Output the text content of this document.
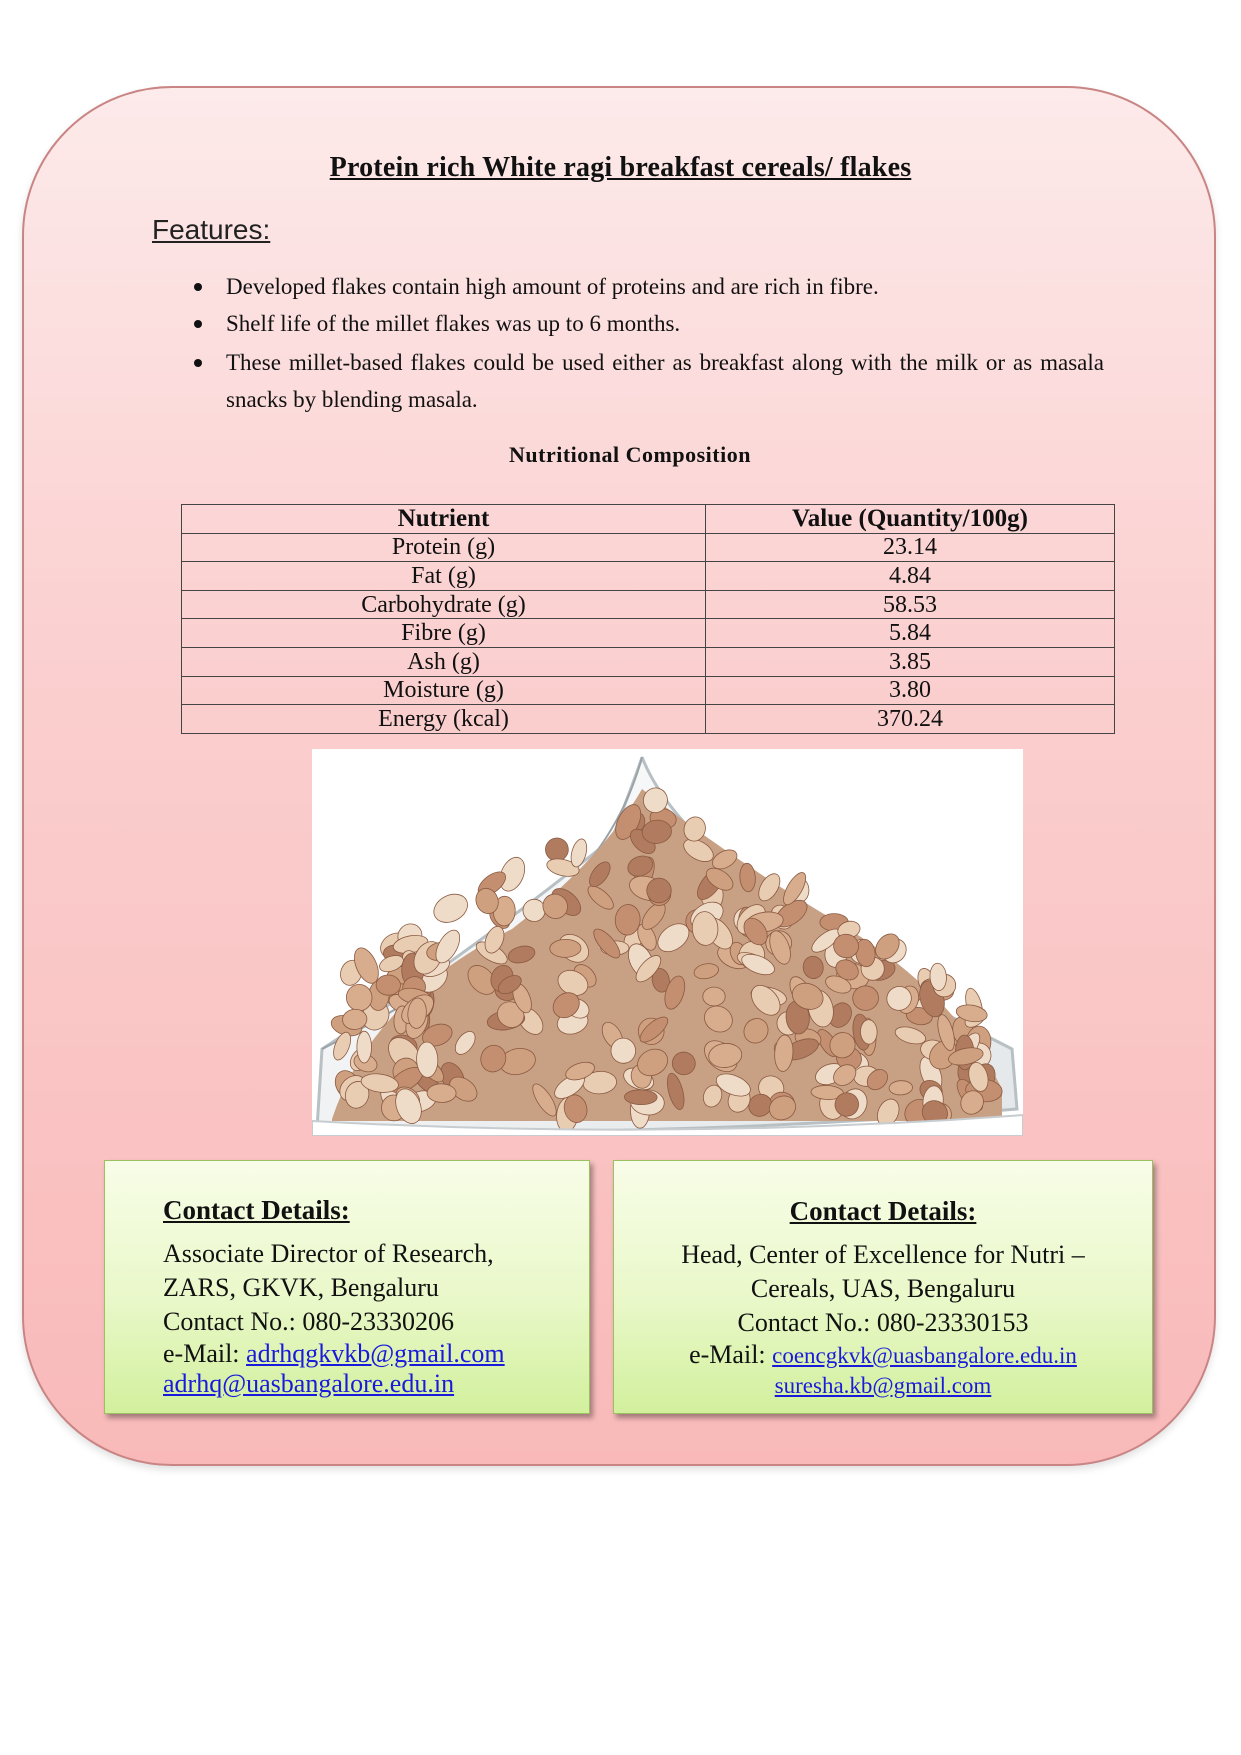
Protein rich White ragi breakfast cereals/ flakes
Features:
Developed flakes contain high amount of proteins and are rich in fibre.
Shelf life of the millet flakes was up to 6 months.
These millet-based flakes could be used either as breakfast along with the milk or as masala snacks by blending masala.
Nutritional Composition
Nutrient	Value (Quantity/100g)
Protein (g)	23.14
Fat (g)	4.84
Carbohydrate (g)	58.53
Fibre (g)	5.84
Ash (g)	3.85
Moisture (g)	3.80
Energy (kcal)	370.24
Contact Details:
Associate Director of Research,
ZARS, GKVK, Bengaluru
Contact No.: 080-23330206
e-Mail: adrhqgkvkb@gmail.com
adrhq@uasbangalore.edu.in
Contact Details:
Head, Center of Excellence for Nutri –
Cereals, UAS, Bengaluru
Contact No.: 080-23330153
e-Mail: coencgkvk@uasbangalore.edu.in
suresha.kb@gmail.com
